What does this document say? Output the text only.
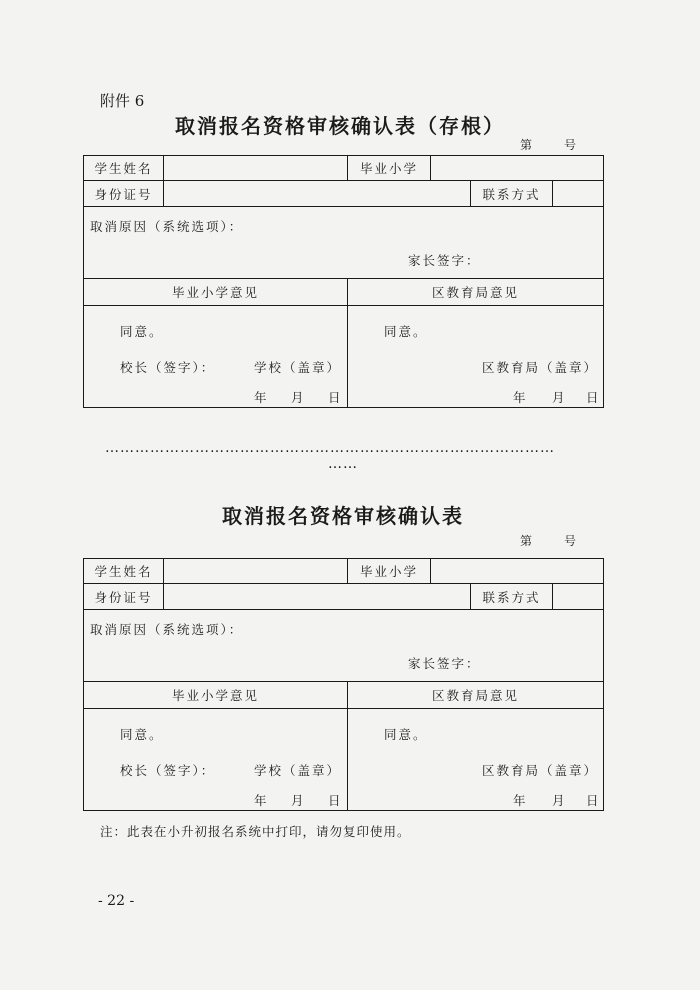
附件 6
取消报名资格审核确认表（存根）
第	号
学生姓名	毕业小学
身份证号	联系方式
取消原因（系统选项）：
家长签字：
毕业小学意见	区教育局意见
同意。
校长（签字）：	学校（盖章）
年 月 日
同意。
区教育局（盖章）
年 月 日
………………………………………………………………………………
……
取消报名资格审核确认表
第	号
学生姓名	毕业小学
身份证号	联系方式
取消原因（系统选项）：
家长签字：
毕业小学意见	区教育局意见
同意。
校长（签字）：	学校（盖章）
年 月 日
同意。
区教育局（盖章）
年 月 日
注：此表在小升初报名系统中打印，请勿复印使用。
- 22 -
